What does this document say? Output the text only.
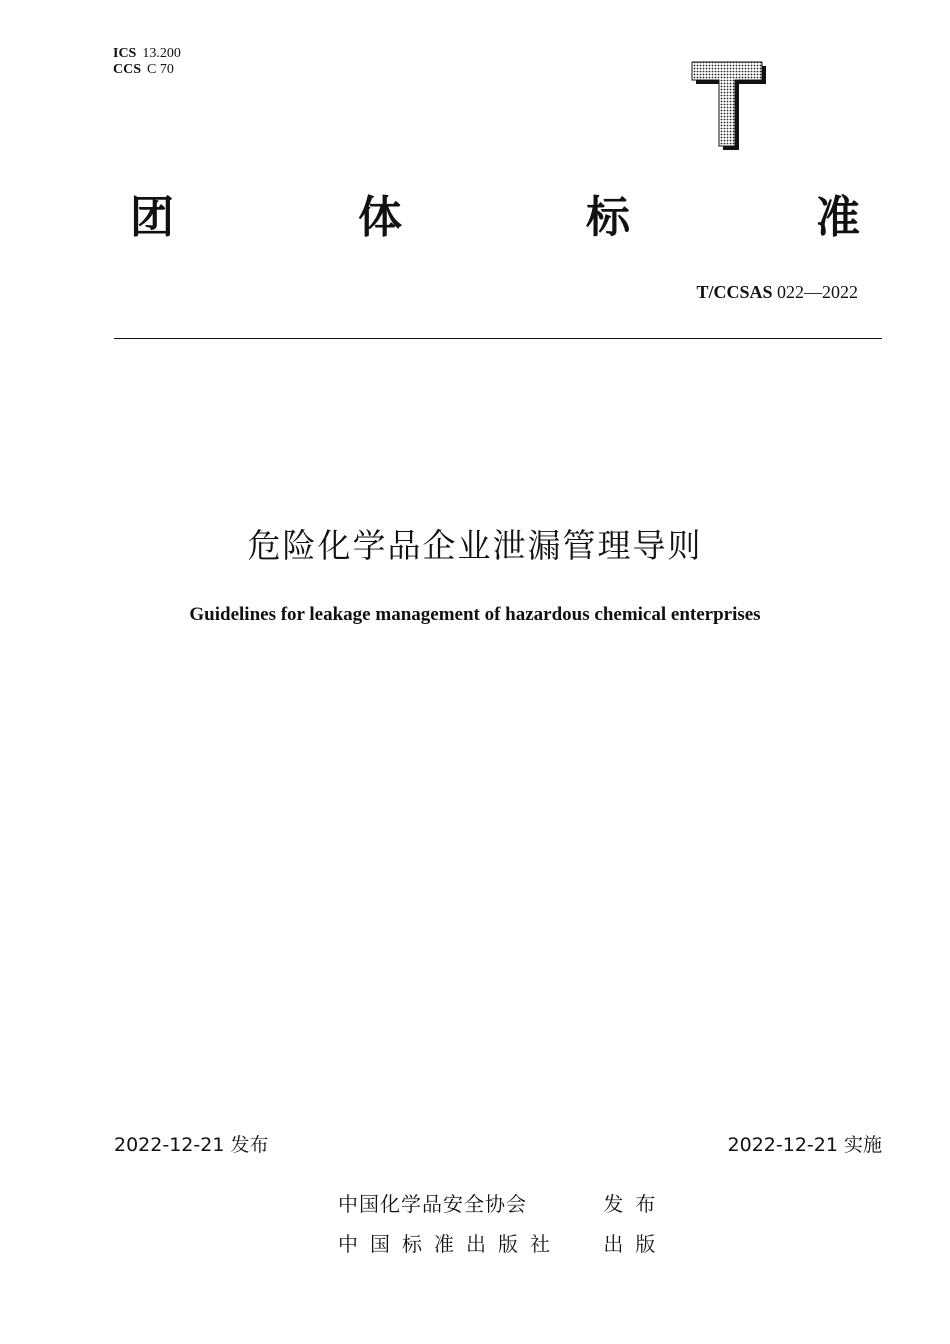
ICS 13.200
CCS C 70
T
团	体	标	准
T/CCSAS 022—2022
危险化学品企业泄漏管理导则
Guidelines for leakage management of hazardous chemical enterprises
2022-12-21 发布	2022-12-21 实施
中国化学品安全协会	发布
中国标准出版社 出版
